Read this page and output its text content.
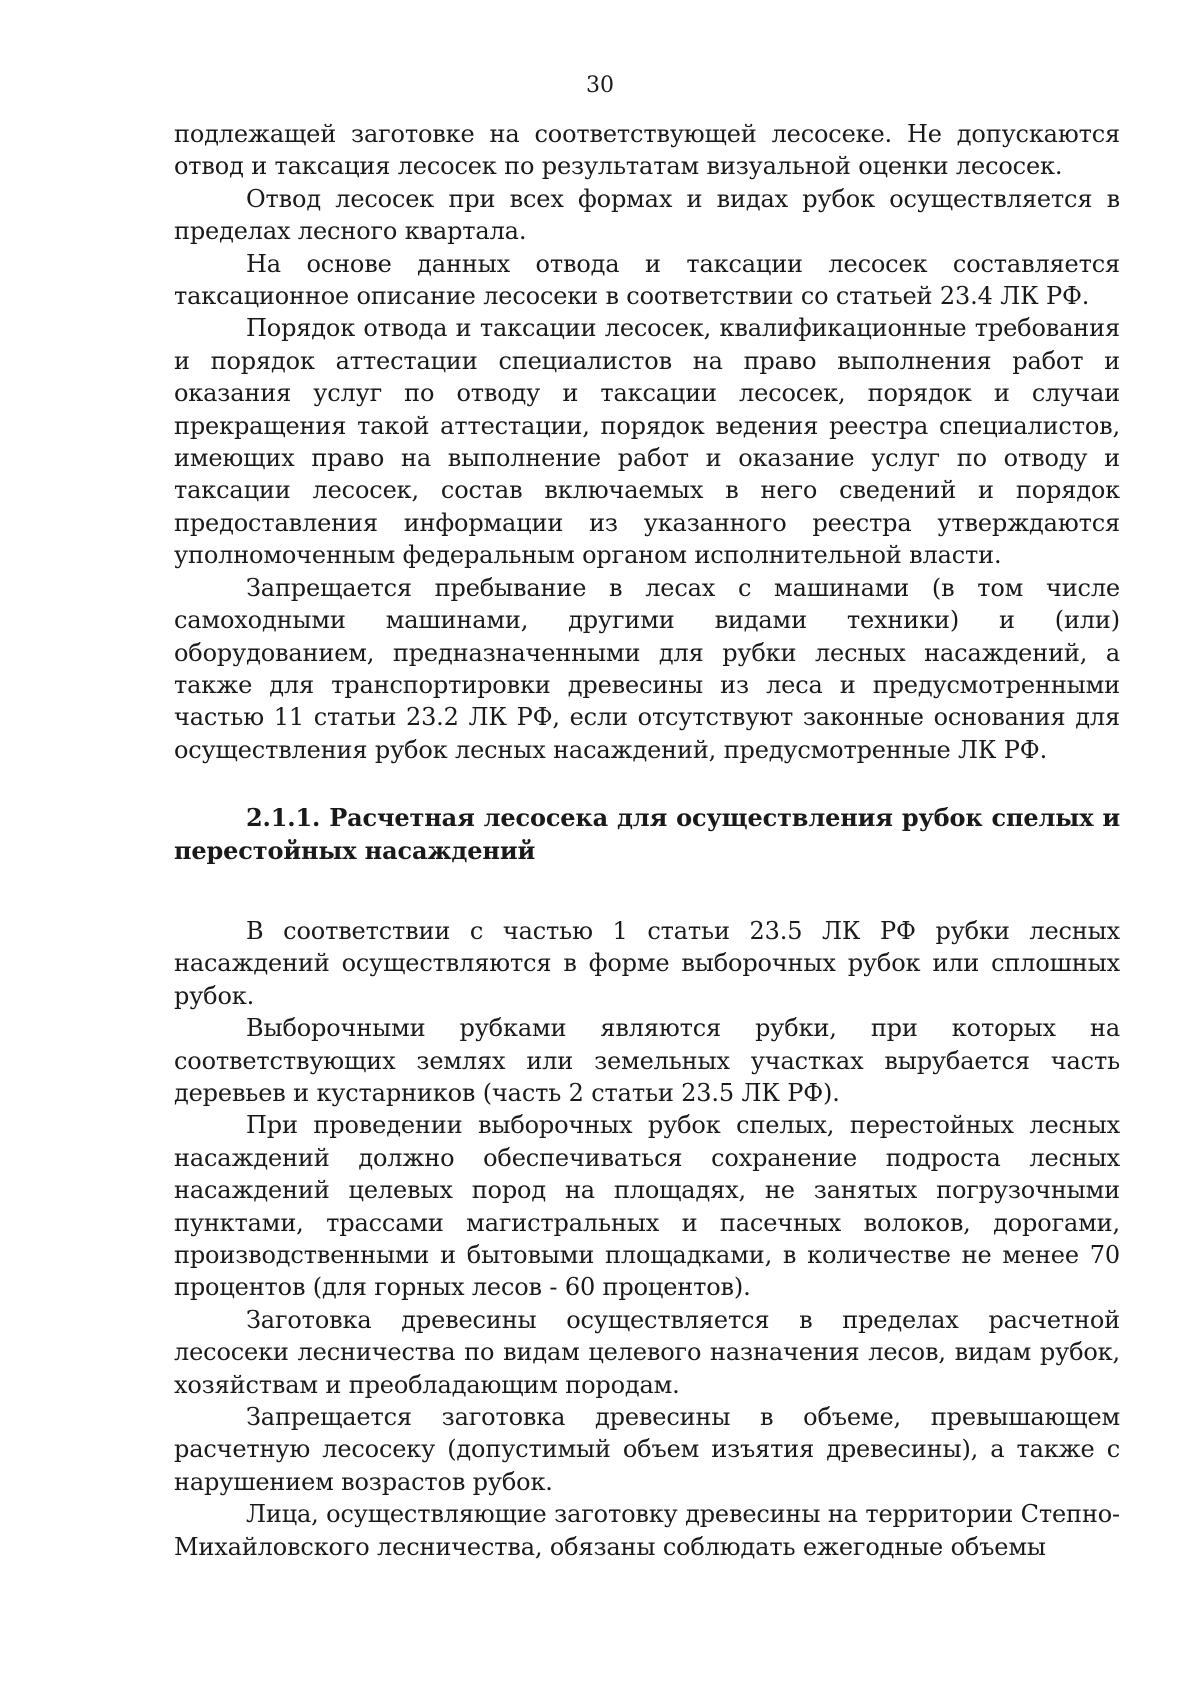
30

подлежащей заготовке на соответствующей лесосеке. Не допускаются отвод и таксация лесосек по результатам визуальной оценки лесосек.

Отвод лесосек при всех формах и видах рубок осуществляется в пределах лесного квартала.

На основе данных отвода и таксации лесосек составляется таксационное описание лесосеки в соответствии со статьей 23.4 ЛК РФ.

Порядок отвода и таксации лесосек, квалификационные требования и порядок аттестации специалистов на право выполнения работ и оказания услуг по отводу и таксации лесосек, порядок и случаи прекращения такой аттестации, порядок ведения реестра специалистов, имеющих право на выполнение работ и оказание услуг по отводу и таксации лесосек, состав включаемых в него сведений и порядок предоставления информации из указанного реестра утверждаются уполномоченным федеральным органом исполнительной власти.

Запрещается пребывание в лесах с машинами (в том числе самоходными машинами, другими видами техники) и (или) оборудованием, предназначенными для рубки лесных насаждений, а также для транспортировки древесины из леса и предусмотренными частью 11 статьи 23.2 ЛК РФ, если отсутствуют законные основания для осуществления рубок лесных насаждений, предусмотренные ЛК РФ.

2.1.1. Расчетная лесосека для осуществления рубок спелых и перестойных насаждений

В соответствии с частью 1 статьи 23.5 ЛК РФ рубки лесных насаждений осуществляются в форме выборочных рубок или сплошных рубок.

Выборочными рубками являются рубки, при которых на соответствующих землях или земельных участках вырубается часть деревьев и кустарников (часть 2 статьи 23.5 ЛК РФ).

При проведении выборочных рубок спелых, перестойных лесных насаждений должно обеспечиваться сохранение подроста лесных насаждений целевых пород на площадях, не занятых погрузочными пунктами, трассами магистральных и пасечных волоков, дорогами, производственными и бытовыми площадками, в количестве не менее 70 процентов (для горных лесов - 60 процентов).

Заготовка древесины осуществляется в пределах расчетной лесосеки лесничества по видам целевого назначения лесов, видам рубок, хозяйствам и преобладающим породам.

Запрещается заготовка древесины в объеме, превышающем расчетную лесосеку (допустимый объем изъятия древесины), а также с нарушением возрастов рубок.

Лица, осуществляющие заготовку древесины на территории Степно-Михайловского лесничества, обязаны соблюдать ежегодные объемы
